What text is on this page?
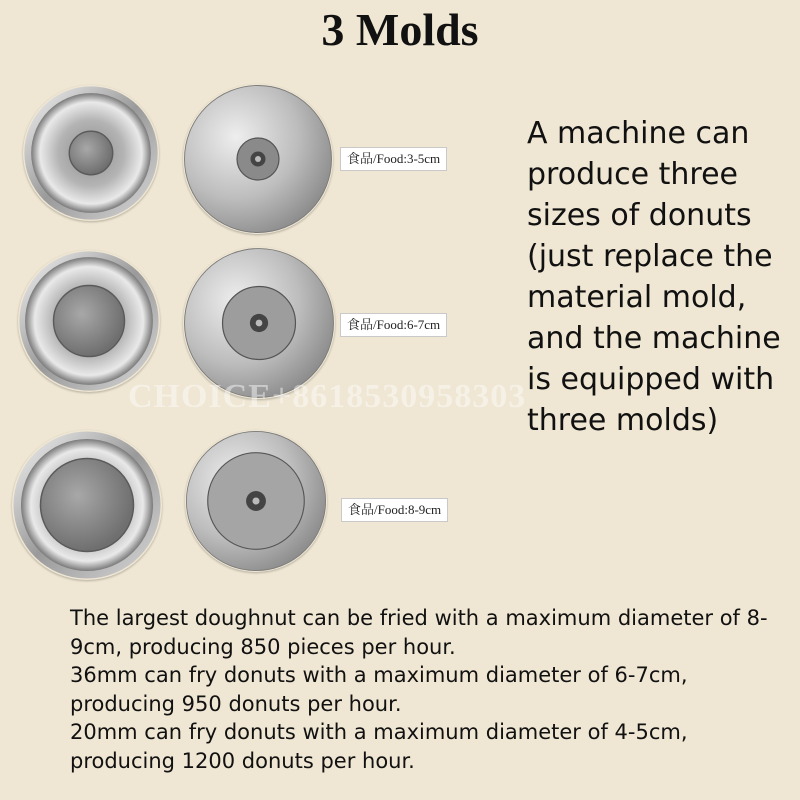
3 Molds
食品/Food:3-5cm
食品/Food:6-7cm
食品/Food:8-9cm
CHOICE+8618530958303

A machine can produce three sizes of donuts (just replace the material mold, and the machine is equipped with three molds)

The largest doughnut can be fried with a maximum diameter of 8-9cm, producing 850 pieces per hour.

36mm can fry donuts with a maximum diameter of 6-7cm, producing 950 donuts per hour.

20mm can fry donuts with a maximum diameter of 4-5cm, producing 1200 donuts per hour.
